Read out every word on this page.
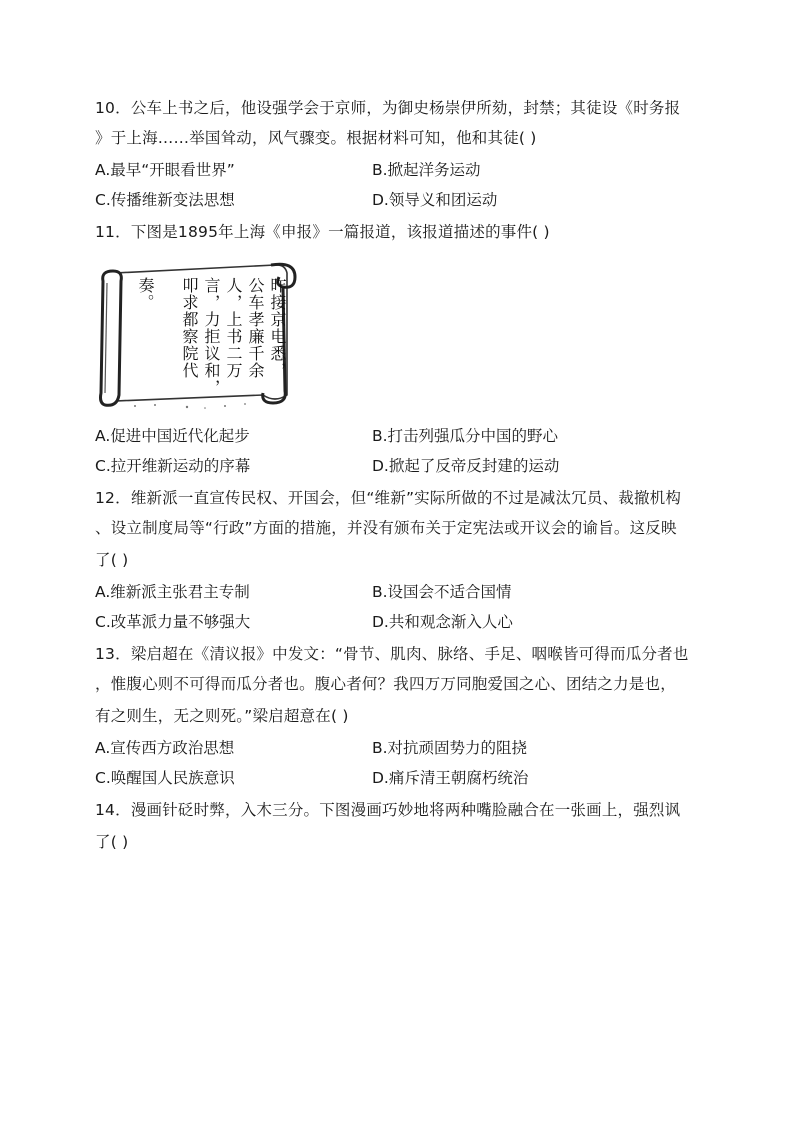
10．公车上书之后，他设强学会于京师，为御史杨崇伊所劾，封禁；其徒设《时务报
》于上海……举国耸动，风气骤变。根据材料可知，他和其徒( )
A.最早“开眼看世界”	B.掀起洋务运动
C.传播维新变法思想	D.领导义和团运动
11．下图是1895年上海《申报》一篇报道，该报道描述的事件( )
昨接京电悉，
公车孝廉千余
人，上书二万
言，力拒议和，
叩求都察院代
奏。
A.促进中国近代化起步	B.打击列强瓜分中国的野心
C.拉开维新运动的序幕	D.掀起了反帝反封建的运动
12．维新派一直宣传民权、开国会，但“维新”实际所做的不过是减汰冗员、裁撤机构
、设立制度局等“行政”方面的措施，并没有颁布关于定宪法或开议会的谕旨。这反映
了( )
A.维新派主张君主专制	B.设国会不适合国情
C.改革派力量不够强大	D.共和观念渐入人心
13．梁启超在《清议报》中发文：“骨节、肌肉、脉络、手足、咽喉皆可得而瓜分者也
，惟腹心则不可得而瓜分者也。腹心者何？我四万万同胞爱国之心、团结之力是也，
有之则生，无之则死。”梁启超意在( )
A.宣传西方政治思想	B.对抗顽固势力的阻挠
C.唤醒国人民族意识	D.痛斥清王朝腐朽统治
14．漫画针砭时弊，入木三分。下图漫画巧妙地将两种嘴脸融合在一张画上，强烈讽
了( )
